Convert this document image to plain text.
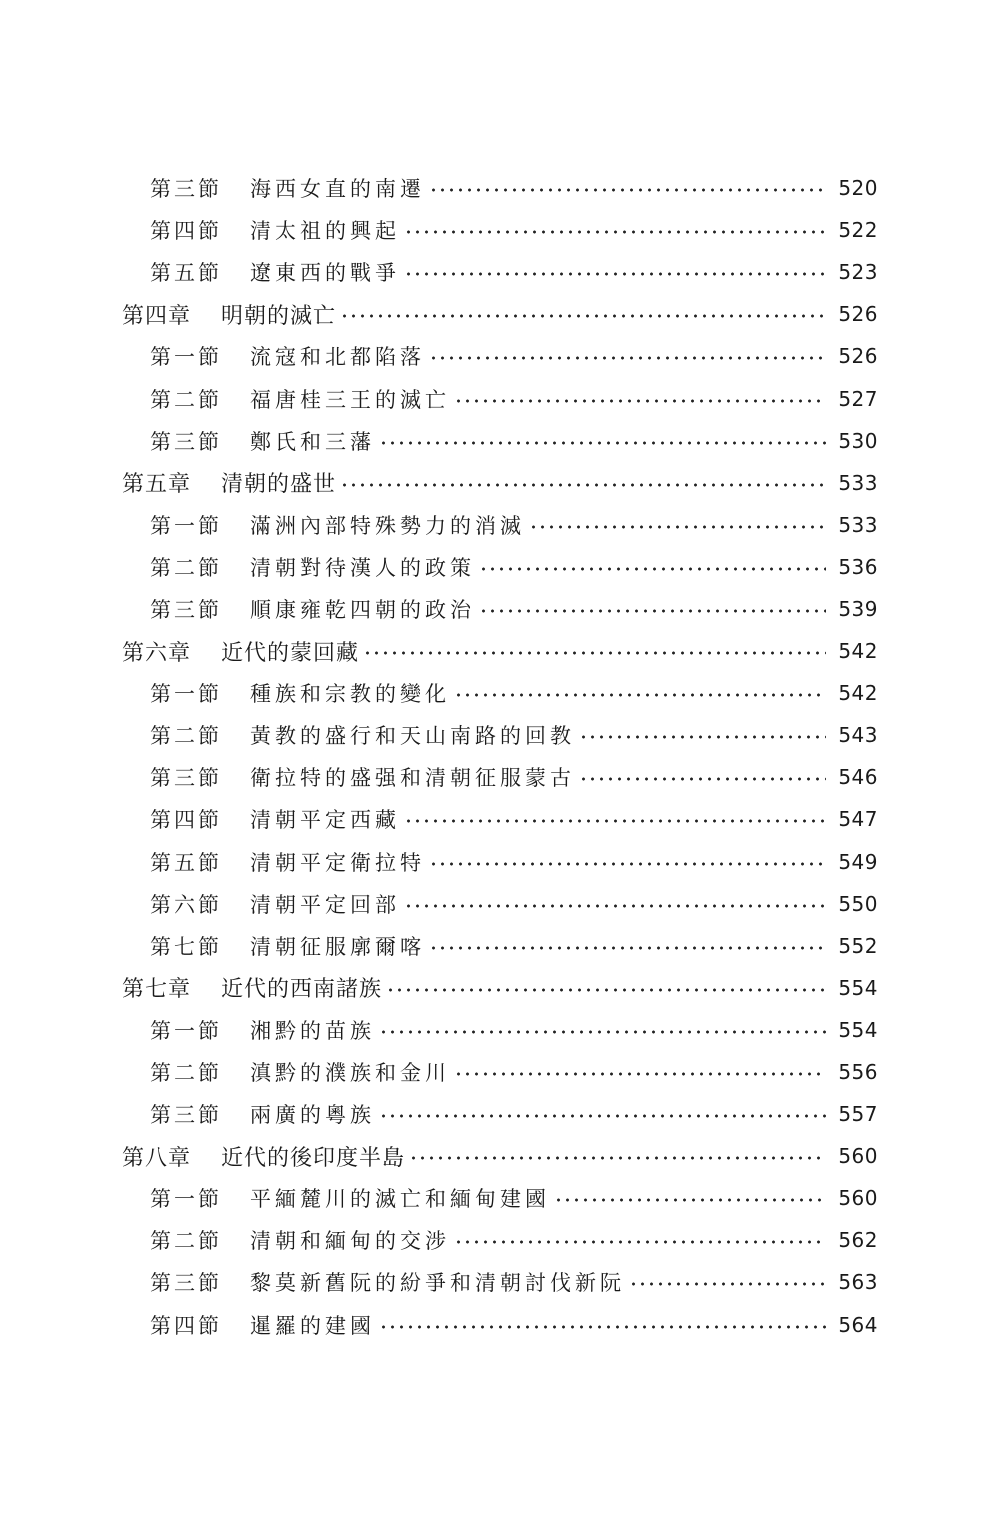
第三節 海西女直的南遷	520
第四節 清太祖的興起	522
第五節 遼東西的戰爭	523
第四章 明朝的滅亡	526
第一節 流寇和北都陷落	526
第二節 福唐桂三王的滅亡	527
第三節 鄭氏和三藩	530
第五章 清朝的盛世	533
第一節 滿洲內部特殊勢力的消滅	533
第二節 清朝對待漢人的政策	536
第三節 順康雍乾四朝的政治	539
第六章 近代的蒙回藏	542
第一節 種族和宗教的變化	542
第二節 黃教的盛行和天山南路的回教	543
第三節 衛拉特的盛强和清朝征服蒙古	546
第四節 清朝平定西藏	547
第五節 清朝平定衛拉特	549
第六節 清朝平定回部	550
第七節 清朝征服廓爾喀	552
第七章 近代的西南諸族	554
第一節 湘黔的苗族	554
第二節 滇黔的濮族和金川	556
第三節 兩廣的粵族	557
第八章 近代的後印度半島	560
第一節 平緬麓川的滅亡和緬甸建國	560
第二節 清朝和緬甸的交涉	562
第三節 黎莫新舊阮的紛爭和清朝討伐新阮	563
第四節 暹羅的建國	564
